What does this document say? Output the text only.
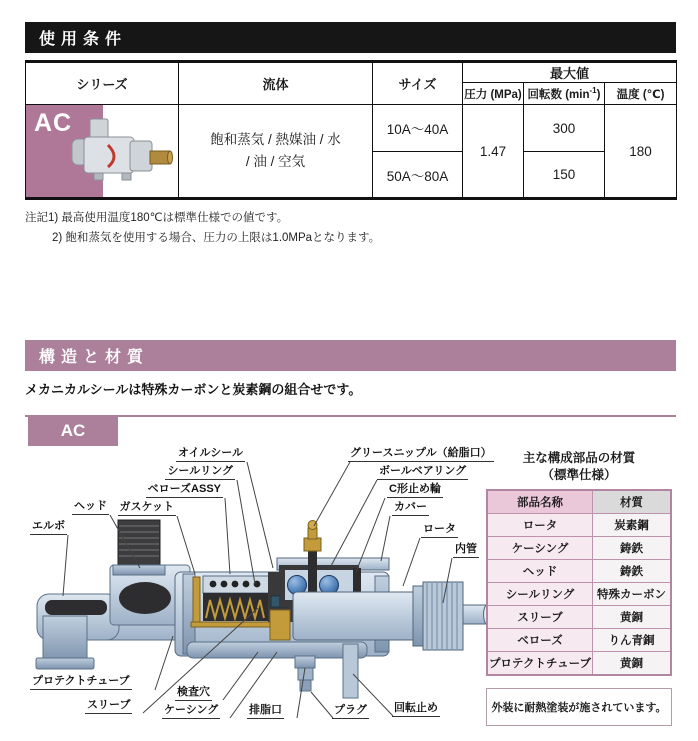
使用条件
シリーズ	流体	サイズ	最大値		
			圧力 (MPa)	回転数 $(\min^{-1})$	温度 (℃)

AC	飽和蒸気 / 熱媒油 / 水
/ 油 / 空気	10A〜40A	1.47	300	180
		50A〜80A		150	
注記1) 最高使用温度180℃は標準仕様での値です。
2) 飽和蒸気を使用する場合、圧力の上限は1.0MPaとなります。
構造と材質
メカニカルシールは特殊カーボンと炭素鋼の組合せです。
AC
オイルシール
シールリング
ベローズASSY
ガスケット
ヘッド
エルボ
グリースニップル（給脂口）
ボールベアリング
C形止め輪
カバー
ロータ
内管
プロテクトチューブ
スリーブ
検査穴
ケーシング	排脂口	プラグ 回転止め
主な構成部品の材質
（標準仕様）
部品名称	材質
ロータ	炭素鋼
ケーシング	鋳鉄
ヘッド	鋳鉄
シールリング	特殊カーボン
スリーブ	黄銅
ベローズ	りん青銅
プロテクトチューブ	黄銅
外装に耐熱塗装が施されています。
